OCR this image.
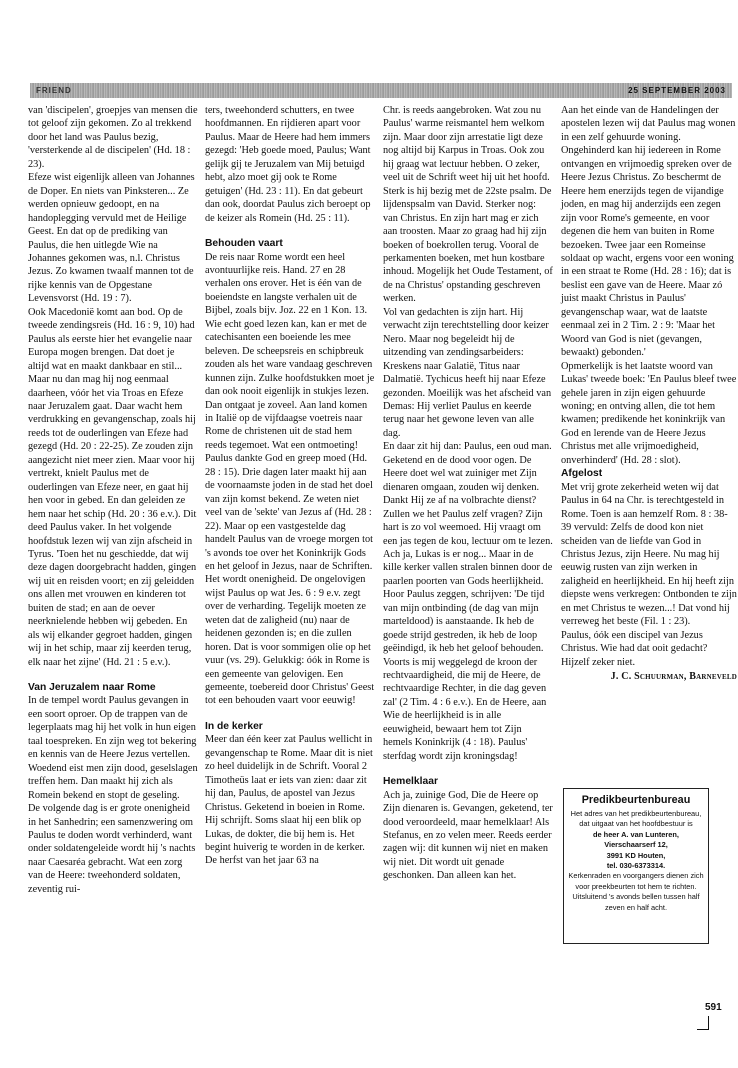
FRIEND	25 SEPTEMBER 2003

van 'discipelen', groepjes van mensen die tot geloof zijn gekomen. Zo al trekkend door het land was Paulus bezig, 'versterkende al de discipelen' (Hd. 18 : 23).

Efeze wist eigenlijk alleen van Johannes de Doper. En niets van Pinksteren... Ze werden opnieuw gedoopt, en na handoplegging vervuld met de Heilige Geest. En dat op de prediking van Paulus, die hen uitlegde Wie na Johannes gekomen was, n.l. Christus Jezus. Zo kwamen twaalf mannen tot de rijke kennis van de Opgestane Levensvorst (Hd. 19 : 7).

Ook Macedonië komt aan bod. Op de tweede zendingsreis (Hd. 16 : 9, 10) had Paulus als eerste hier het evangelie naar Europa mogen brengen. Dat doet je altijd wat en maakt dankbaar en stil... Maar nu dan mag hij nog eenmaal daarheen, vóór het via Troas en Efeze naar Jeruzalem gaat. Daar wacht hem verdrukking en gevangenschap, zoals hij reeds tot de ouderlingen van Efeze had gezegd (Hd. 20 : 22-25). Ze zouden zijn aangezicht niet meer zien. Maar voor hij vertrekt, knielt Paulus met de ouderlingen van Efeze neer, en gaat hij hen voor in gebed. En dan geleiden ze hem naar het schip (Hd. 20 : 36 e.v.). Dit deed Paulus vaker. In het volgende hoofdstuk lezen wij van zijn afscheid in Tyrus. 'Toen het nu geschiedde, dat wij deze dagen doorgebracht hadden, gingen wij uit en reisden voort; en zij geleidden ons allen met vrouwen en kinderen tot buiten de stad; en aan de oever neerknielende hebben wij gebeden. En als wij elkander gegroet hadden, gingen wij in het schip, maar zij keerden terug, elk naar het zijne' (Hd. 21 : 5 e.v.).

Van Jeruzalem naar Rome

In de tempel wordt Paulus gevangen in een soort oproer. Op de trappen van de legerplaats mag hij het volk in hun eigen taal toespreken. En zijn weg tot bekering en kennis van de Heere Jezus vertellen. Woedend eist men zijn dood, geselslagen treffen hem. Dan maakt hij zich als Romein bekend en stopt de geseling.

De volgende dag is er grote onenigheid in het Sanhedrin; een samenzwering om Paulus te doden wordt verhinderd, want onder soldatengeleide wordt hij 's nachts naar Caesaréa gebracht. Wat een zorg van de Heere: tweehonderd soldaten, zeventig rui-

ters, tweehonderd schutters, en twee hoofdmannen. En rijdieren apart voor Paulus. Maar de Heere had hem immers gezegd: 'Heb goede moed, Paulus; Want gelijk gij te Jeruzalem van Mij betuigd hebt, alzo moet gij ook te Rome getuigen' (Hd. 23 : 11). En dat gebeurt dan ook, doordat Paulus zich beroept op de keizer als Romein (Hd. 25 : 11).

Behouden vaart

De reis naar Rome wordt een heel avontuurlijke reis. Hand. 27 en 28 verhalen ons erover. Het is één van de boeiendste en langste verhalen uit de Bijbel, zoals bijv. Joz. 22 en 1 Kon. 13. Wie echt goed lezen kan, kan er met de catechisanten een boeiende les mee beleven. De scheepsreis en schipbreuk zouden als het ware vandaag geschreven kunnen zijn. Zulke hoofdstukken moet je dan ook nooit eigenlijk in stukjes lezen. Dan ontgaat je zoveel. Aan land komen in Italië op de vijfdaagse voetreis naar Rome de christenen uit de stad hem reeds tegemoet. Wat een ontmoeting! Paulus dankte God en greep moed (Hd. 28 : 15). Drie dagen later maakt hij aan de voornaamste joden in de stad het doel van zijn komst bekend. Ze weten niet veel van de 'sekte' van Jezus af (Hd. 28 : 22). Maar op een vastgestelde dag handelt Paulus van de vroege morgen tot 's avonds toe over het Koninkrijk Gods en het geloof in Jezus, naar de Schriften. Het wordt onenigheid. De ongelovigen wijst Paulus op wat Jes. 6 : 9 e.v. zegt over de verharding. Tegelijk moeten ze weten dat de zaligheid (nu) naar de heidenen gezonden is; en die zullen horen. Dat is voor sommigen olie op het vuur (vs. 29). Gelukkig: óók in Rome is een gemeente van gelovigen. Een gemeente, toebereid door Christus' Geest tot een behouden vaart voor eeuwig!

In de kerker

Meer dan één keer zat Paulus wellicht in gevangenschap te Rome. Maar dit is niet zo heel duidelijk in de Schrift. Vooral 2 Timotheüs laat er iets van zien: daar zit hij dan, Paulus, de apostel van Jezus Christus. Geketend in boeien in Rome. Hij schrijft. Soms slaat hij een blik op Lukas, de dokter, die bij hem is. Het begint huiverig te worden in de kerker. De herfst van het jaar 63 na

Chr. is reeds aangebroken. Wat zou nu Paulus' warme reismantel hem welkom zijn. Maar door zijn arrestatie ligt deze nog altijd bij Karpus in Troas. Ook zou hij graag wat lectuur hebben. O zeker, veel uit de Schrift weet hij uit het hoofd. Sterk is hij bezig met de 22ste psalm. De lijdenspsalm van David. Sterker nog: van Christus. En zijn hart mag er zich aan troosten. Maar zo graag had hij zijn boeken of boekrollen terug. Vooral de perkamenten boeken, met hun kostbare inhoud. Mogelijk het Oude Testament, of de na Christus' opstanding geschreven werken.

Vol van gedachten is zijn hart. Hij verwacht zijn terechtstelling door keizer Nero. Maar nog begeleidt hij de uitzending van zendingsarbeiders: Kreskens naar Galatië, Titus naar Dalmatië. Tychicus heeft hij naar Efeze gezonden. Moeilijk was het afscheid van Demas: Hij verliet Paulus en keerde terug naar het gewone leven van alle dag.

En daar zit hij dan: Paulus, een oud man. Geketend en de dood voor ogen. De Heere doet wel wat zuiniger met Zijn dienaren omgaan, zouden wij denken. Dankt Hij ze af na volbrachte dienst?

Zullen we het Paulus zelf vragen? Zijn hart is zo vol weemoed. Hij vraagt om een jas tegen de kou, lectuur om te lezen. Ach ja, Lukas is er nog... Maar in de kille kerker vallen stralen binnen door de paarlen poorten van Gods heerlijkheid. Hoor Paulus zeggen, schrijven: 'De tijd van mijn ontbinding (de dag van mijn marteldood) is aanstaande. Ik heb de goede strijd gestreden, ik heb de loop geëindigd, ik heb het geloof behouden. Voorts is mij weggelegd de kroon der rechtvaardigheid, die mij de Heere, de rechtvaardige Rechter, in die dag geven zal' (2 Tim. 4 : 6 e.v.). En de Heere, aan Wie de heerlijkheid is in alle eeuwigheid, bewaart hem tot Zijn hemels Koninkrijk (4 : 18). Paulus' sterfdag wordt zijn kroningsdag!

Hemelklaar

Ach ja, zuinige God, Die de Heere op Zijn dienaren is. Gevangen, geketend, ter dood veroordeeld, maar hemelklaar! Als Stefanus, en zo velen meer. Reeds eerder zagen wij: dit kunnen wij niet en maken wij niet. Dit wordt uit genade geschonken. Dan alleen kan het.

Aan het einde van de Handelingen der apostelen lezen wij dat Paulus mag wonen in een zelf gehuurde woning. Ongehinderd kan hij iedereen in Rome ontvangen en vrijmoedig spreken over de Heere Jezus Christus. Zo beschermt de Heere hem enerzijds tegen de vijandige joden, en mag hij anderzijds een zegen zijn voor Rome's gemeente, en voor degenen die hem van buiten in Rome bezoeken. Twee jaar een Romeinse soldaat op wacht, ergens voor een woning in een straat te Rome (Hd. 28 : 16); dat is beslist een gave van de Heere. Maar zó juist maakt Christus in Paulus' gevangenschap waar, wat de laatste eenmaal zei in 2 Tim. 2 : 9: 'Maar het Woord van God is niet (gevangen, bewaakt) gebonden.'

Opmerkelijk is het laatste woord van Lukas' tweede boek: 'En Paulus bleef twee gehele jaren in zijn eigen gehuurde woning; en ontving allen, die tot hem kwamen; predikende het koninkrijk van God en lerende van de Heere Jezus Christus met alle vrijmoedigheid, onverhinderd' (Hd. 28 : slot).

Afgelost

Met vrij grote zekerheid weten wij dat Paulus in 64 na Chr. is terechtgesteld in Rome. Toen is aan hemzelf Rom. 8 : 38-39 vervuld: Zelfs de dood kon niet scheiden van de liefde van God in Christus Jezus, zijn Heere. Nu mag hij eeuwig rusten van zijn werken in zaligheid en heerlijkheid. En hij heeft zijn diepste wens verkregen: Ontbonden te zijn en met Christus te wezen...! Dat vond hij verreweg het beste (Fil. 1 : 23).

Paulus, óók een discipel van Jezus Christus. Wie had dat ooit gedacht? Hijzelf zeker niet.

J. C. Schuurman, Barneveld
Predikbeurtenbureau
Het adres van het predikbeurtenbureau, dat uitgaat van het hoofdbestuur is
de heer A. van Lunteren,
Vierschaarserf 12,
3991 KD Houten,
tel. 030-6373314.
Kerkenraden en voorgangers dienen zich voor preekbeurten tot hem te richten.
Uitsluitend 's avonds bellen tussen half zeven en half acht.
591
